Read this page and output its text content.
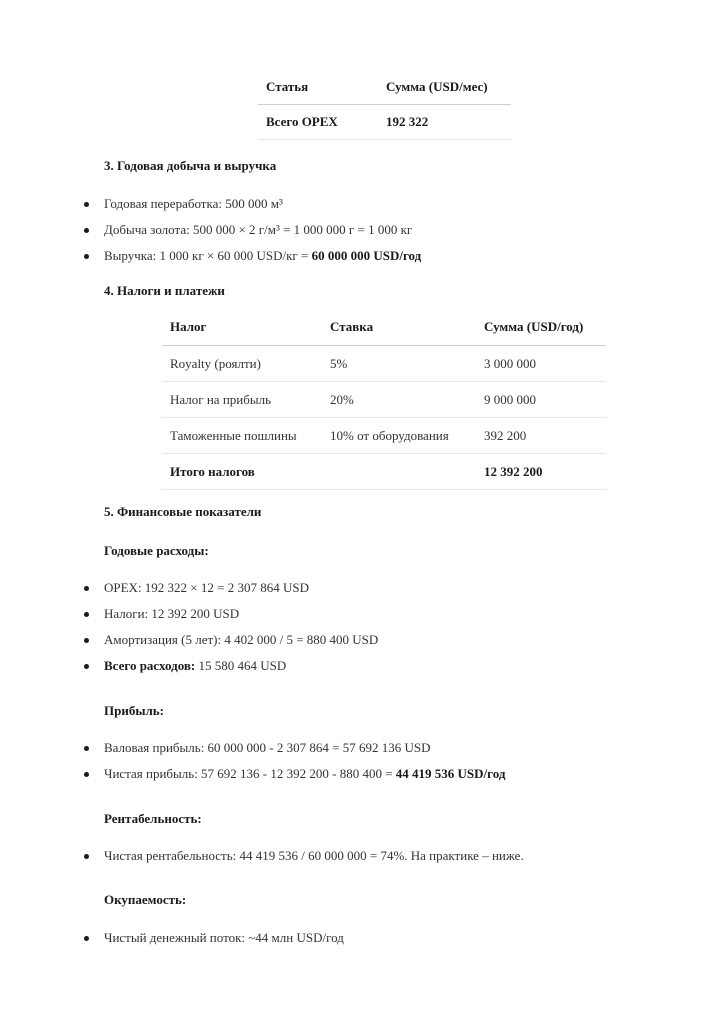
Статья	Сумма (USD/мес)
Всего OPEX	192 322
3. Годовая добыча и выручка
Годовая переработка: 500 000 м³
Добыча золота: 500 000 × 2 г/м³ = 1 000 000 г = 1 000 кг
Выручка: 1 000 кг × 60 000 USD/кг = 60 000 000 USD/год
4. Налоги и платежи
Налог	Ставка	Сумма (USD/год)
Royalty (роялти)	5%	3 000 000
Налог на прибыль	20%	9 000 000
Таможенные пошлины	10% от оборудования	392 200
Итого налогов		12 392 200
5. Финансовые показатели
Годовые расходы:
OPEX: 192 322 × 12 = 2 307 864 USD
Налоги: 12 392 200 USD
Амортизация (5 лет): 4 402 000 / 5 = 880 400 USD
Всего расходов: 15 580 464 USD
Прибыль:
Валовая прибыль: 60 000 000 - 2 307 864 = 57 692 136 USD
Чистая прибыль: 57 692 136 - 12 392 200 - 880 400 = 44 419 536 USD/год
Рентабельность:
Чистая рентабельность: 44 419 536 / 60 000 000 = 74%. На практике – ниже.
Окупаемость:
Чистый денежный поток: ~44 млн USD/год
